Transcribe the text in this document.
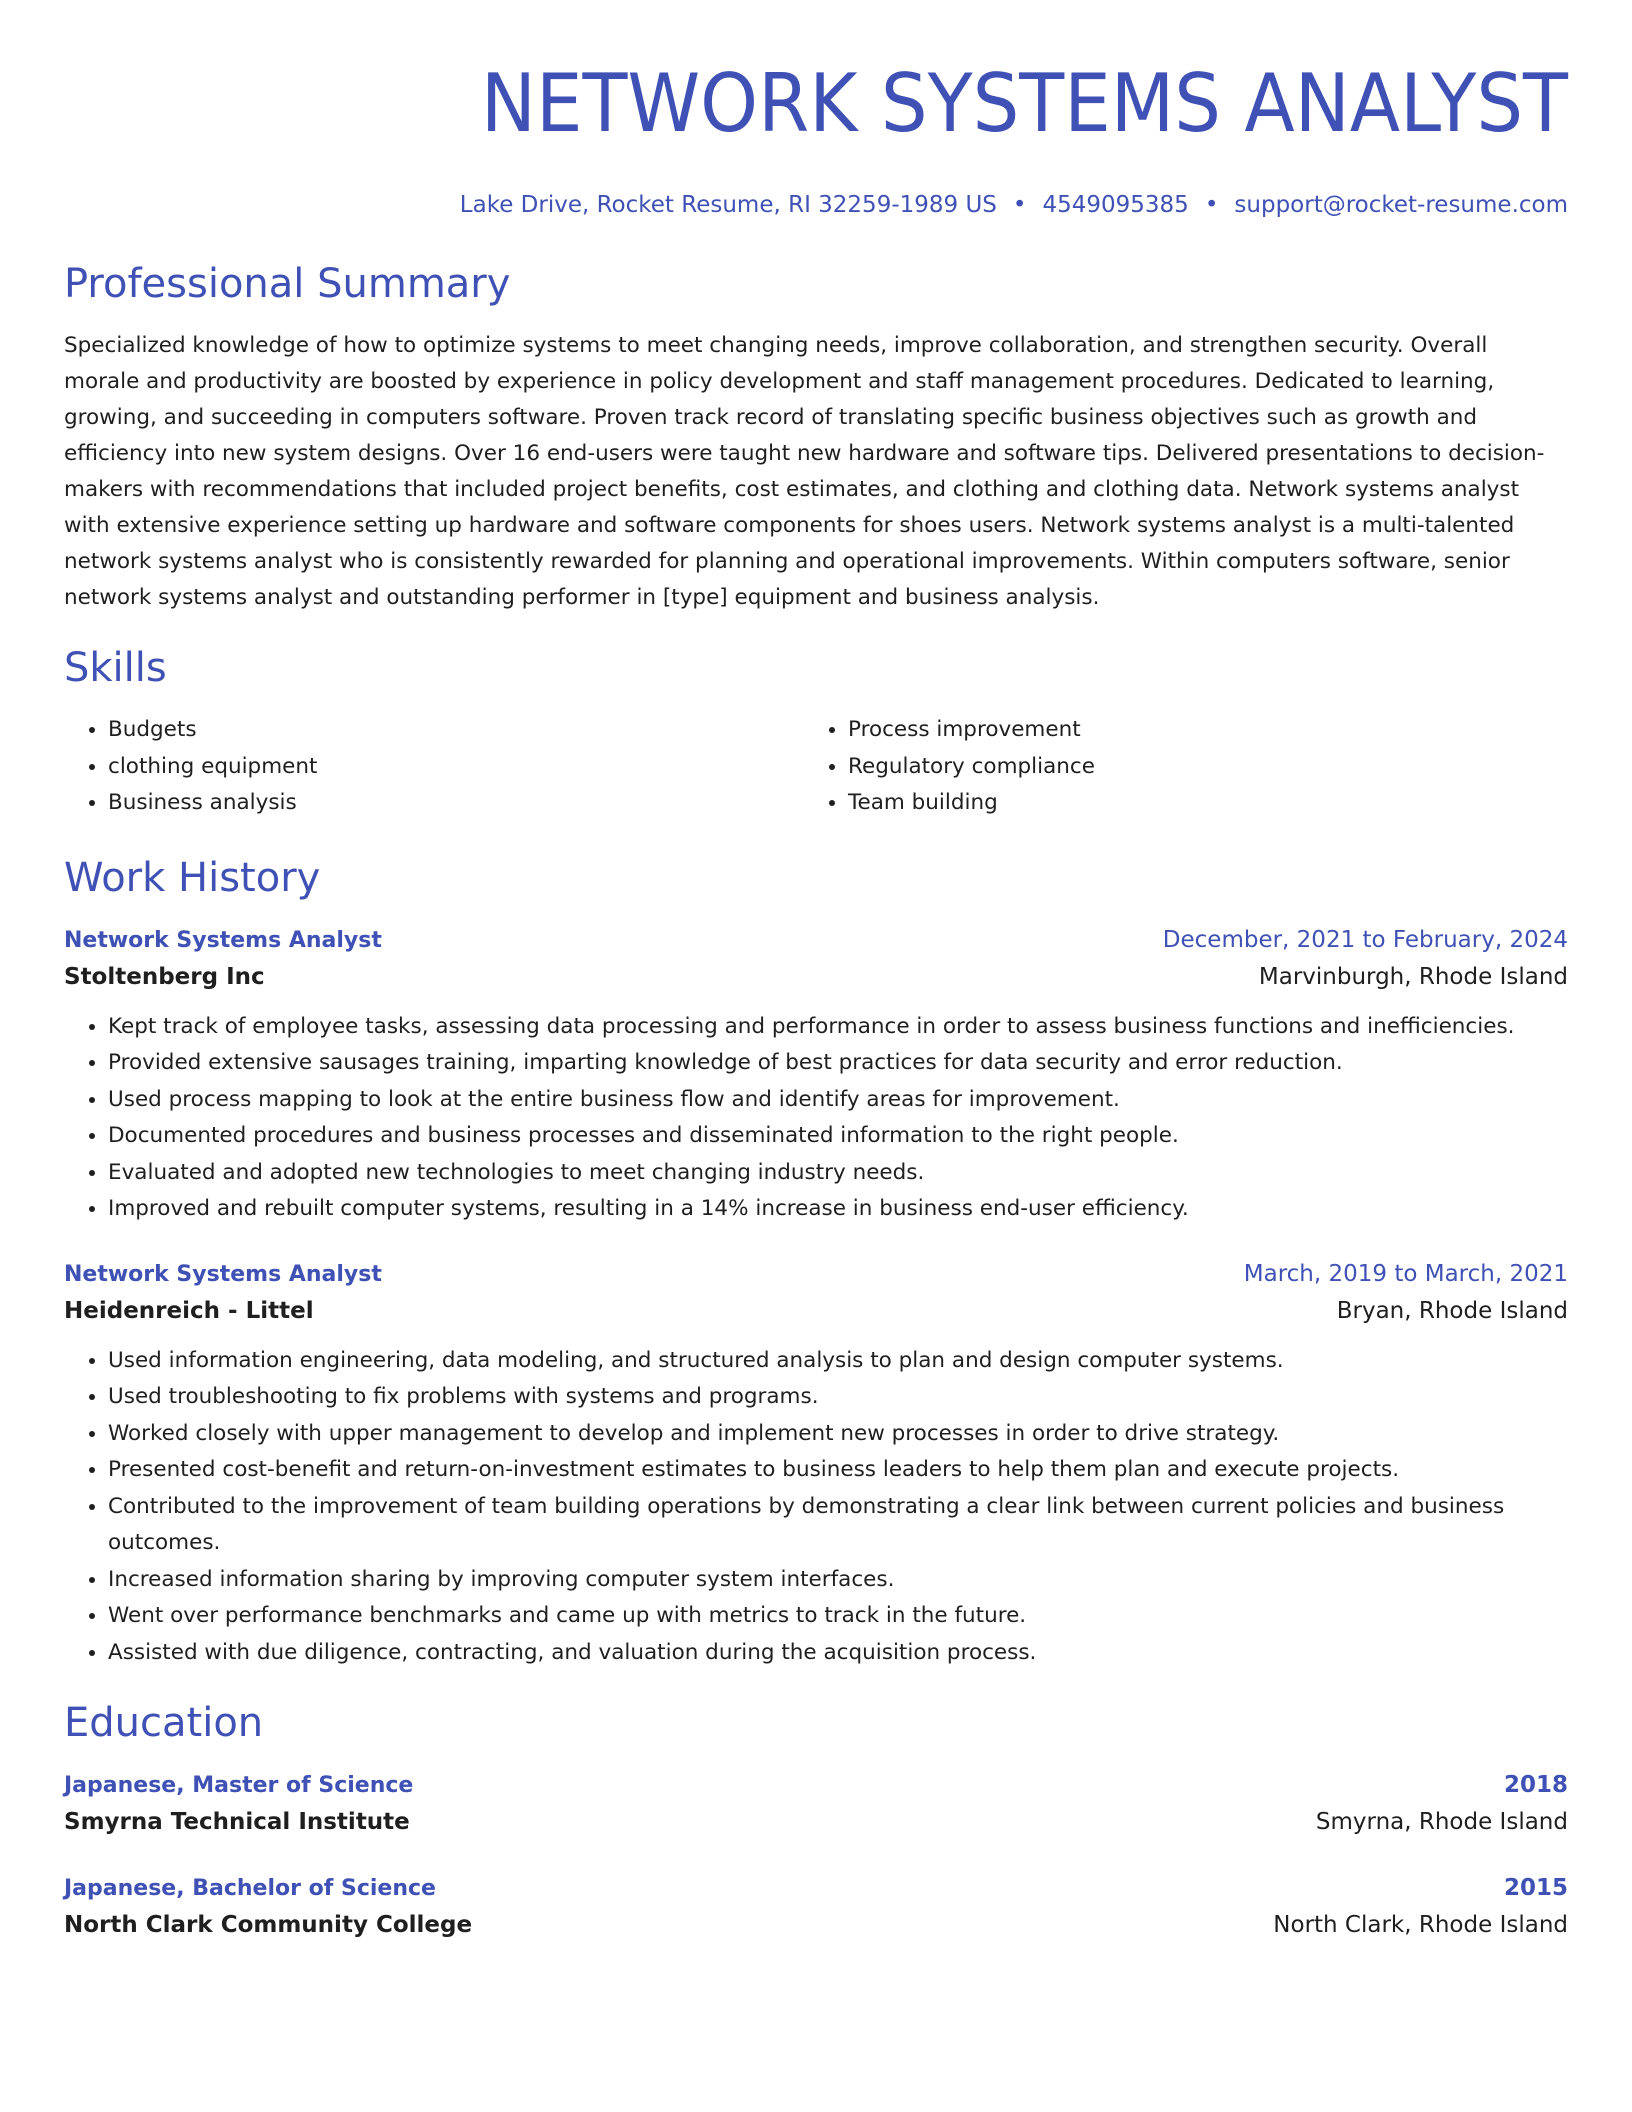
NETWORK SYSTEMS ANALYST
Lake Drive, Rocket Resume, RI 32259-1989 US • 4549095385 • support@rocket-resume.com
Professional Summary
Specialized knowledge of how to optimize systems to meet changing needs, improve collaboration, and strengthen security. Overall morale and productivity are boosted by experience in policy development and staff management procedures. Dedicated to learning, growing, and succeeding in computers software. Proven track record of translating specific business objectives such as growth and efficiency into new system designs. Over 16 end-users were taught new hardware and software tips. Delivered presentations to decision-makers with recommendations that included project benefits, cost estimates, and clothing and clothing data. Network systems analyst with extensive experience setting up hardware and software components for shoes users. Network systems analyst is a multi-talented network systems analyst who is consistently rewarded for planning and operational improvements. Within computers software, senior network systems analyst and outstanding performer in [type] equipment and business analysis.
Skills
• Budgets
• clothing equipment
• Business analysis
• Process improvement
• Regulatory compliance
• Team building
Work History
Network Systems Analyst	December, 2021 to February, 2024
Stoltenberg Inc	Marvinburgh, Rhode Island
• Kept track of employee tasks, assessing data processing and performance in order to assess business functions and inefficiencies.
• Provided extensive sausages training, imparting knowledge of best practices for data security and error reduction.
• Used process mapping to look at the entire business flow and identify areas for improvement.
• Documented procedures and business processes and disseminated information to the right people.
• Evaluated and adopted new technologies to meet changing industry needs.
• Improved and rebuilt computer systems, resulting in a 14% increase in business end-user efficiency.
Network Systems Analyst	March, 2019 to March, 2021
Heidenreich - Littel	Bryan, Rhode Island
• Used information engineering, data modeling, and structured analysis to plan and design computer systems.
• Used troubleshooting to fix problems with systems and programs.
• Worked closely with upper management to develop and implement new processes in order to drive strategy.
• Presented cost-benefit and return-on-investment estimates to business leaders to help them plan and execute projects.
• Contributed to the improvement of team building operations by demonstrating a clear link between current policies and business outcomes.
• Increased information sharing by improving computer system interfaces.
• Went over performance benchmarks and came up with metrics to track in the future.
• Assisted with due diligence, contracting, and valuation during the acquisition process.
Education
Japanese, Master of Science	2018
Smyrna Technical Institute	Smyrna, Rhode Island
Japanese, Bachelor of Science	2015
North Clark Community College	North Clark, Rhode Island
